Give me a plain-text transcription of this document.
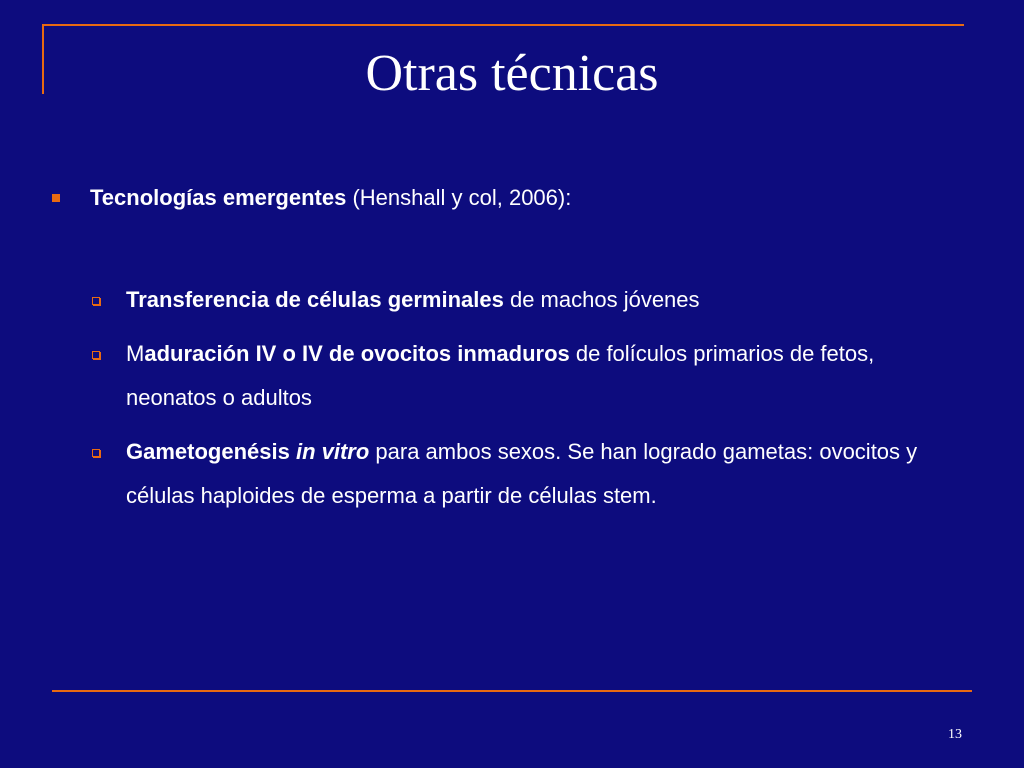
Otras técnicas
Tecnologías emergentes (Henshall y col, 2006):
Transferencia de células germinales de machos jóvenes
Maduración IV o IV de ovocitos inmaduros de folículos primarios de fetos, neonatos o adultos
Gametogenésis in vitro para ambos sexos. Se han logrado gametas: ovocitos y células haploides de esperma a partir de células stem.
13
